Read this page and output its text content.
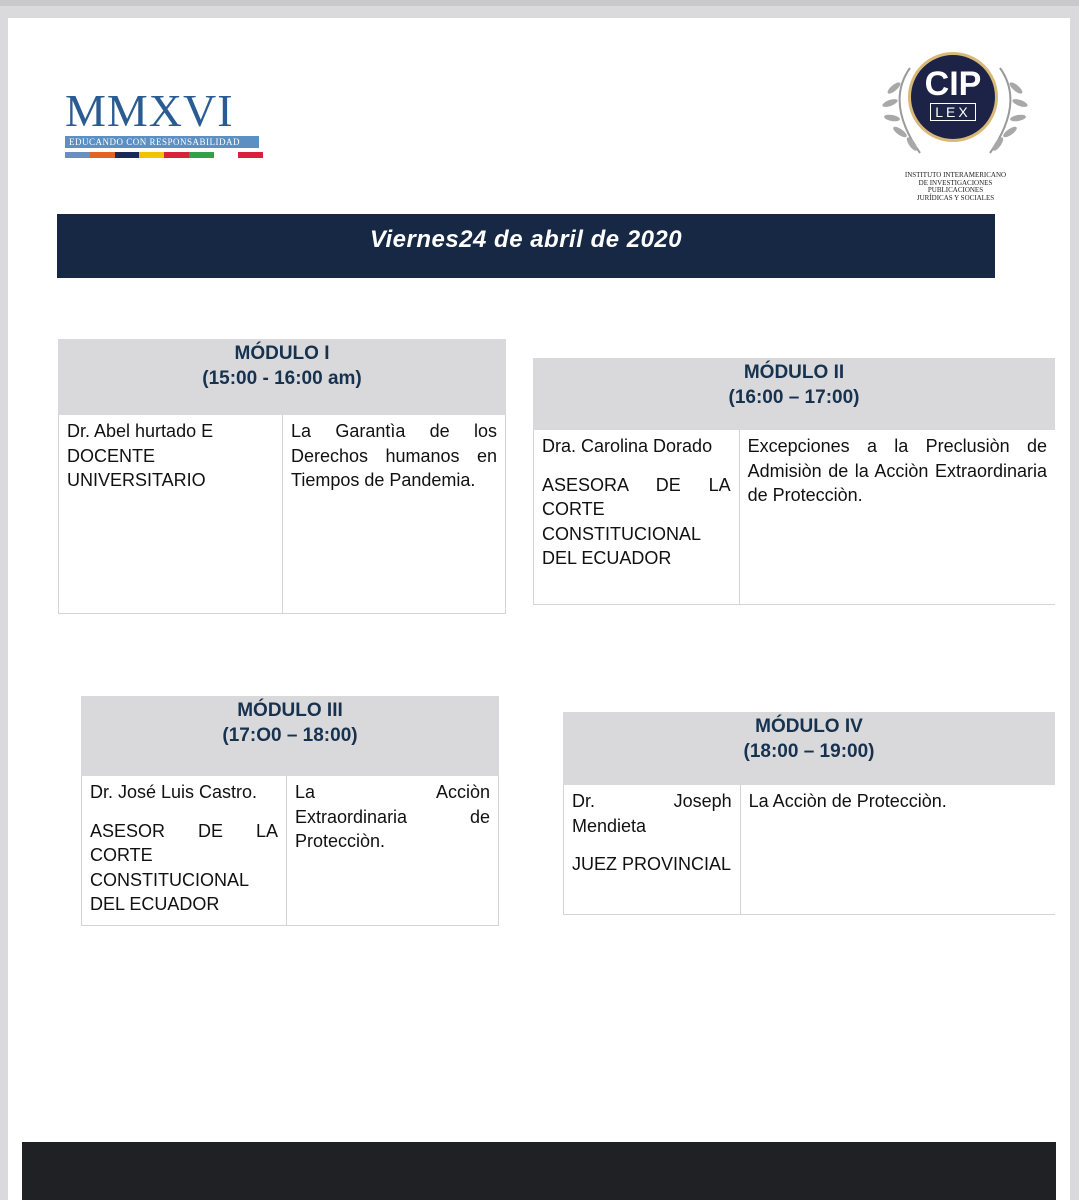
MMXVI
EDUCANDO CON RESPONSABILIDAD
CIP
LEX
INSTITUTO INTERAMERICANO
DE INVESTIGACIONES
PUBLICACIONES
JURÍDICAS Y SOCIALES
Viernes24 de abril de 2020
MÓDULO I
(15:00 - 16:00 am)

Dr. Abel hurtado E

DOCENTE UNIVERSITARIO

La Garantìa de los Derechos humanos en Tiempos de Pandemia.

MÓDULO II
(16:00 – 17:00)

Dra. Carolina Dorado

ASESORA DE LA CORTE CONSTITUCIONAL DEL ECUADOR

Excepciones a la Preclusiòn de Admisiòn de la Acciòn Extraordinaria de Protecciòn.

MÓDULO III
(17:O0 – 18:00)

Dr. José Luis Castro.

ASESOR DE LA CORTE CONSTITUCIONAL DEL ECUADOR

La Acciòn Extraordinaria de Protecciòn.

MÓDULO IV
(18:00 – 19:00)

Dr. Joseph Mendieta

JUEZ PROVINCIAL

La Acciòn de Protecciòn.
